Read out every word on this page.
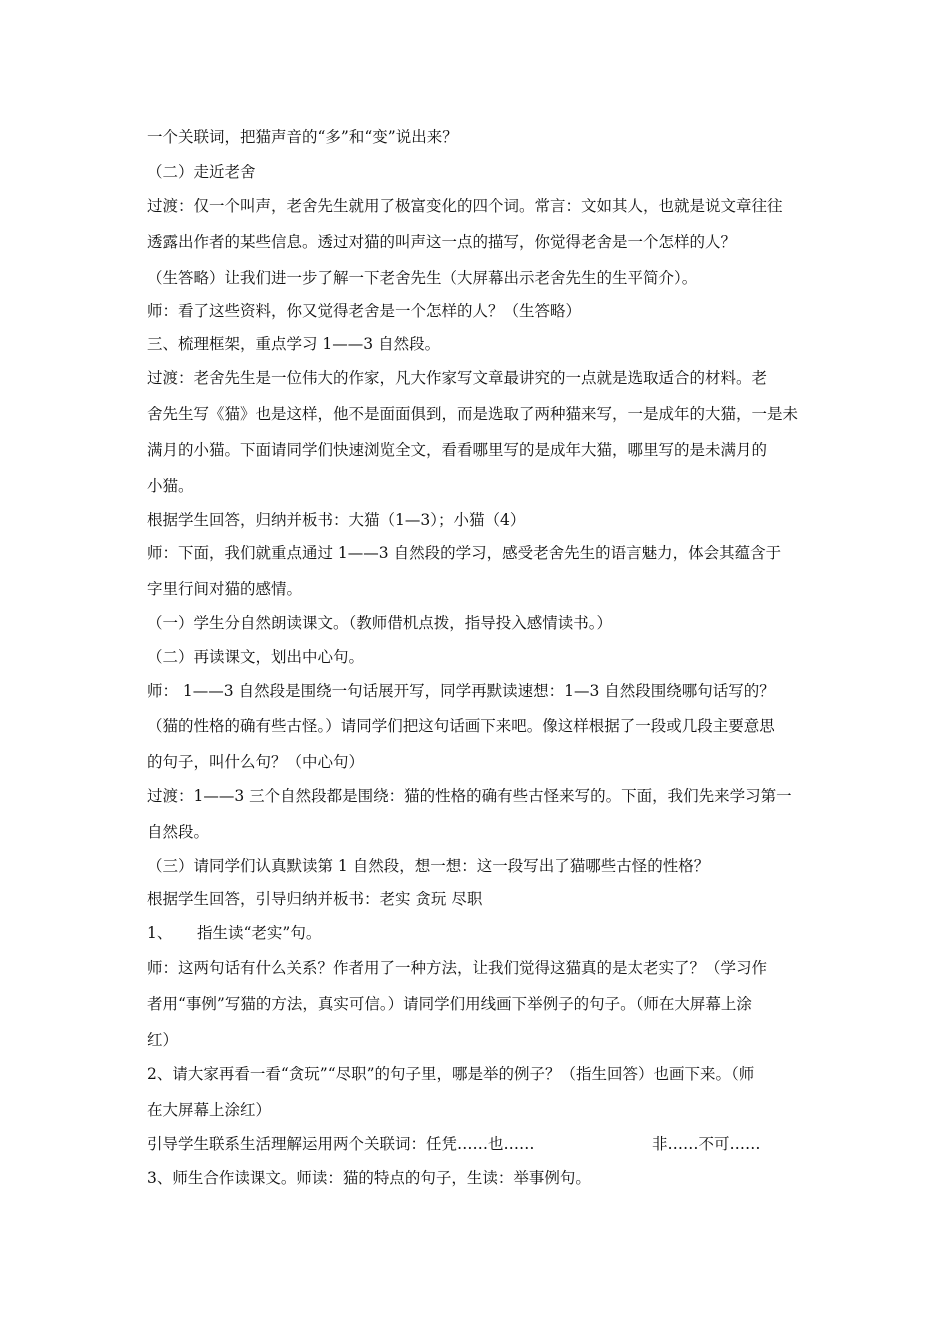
一个关联词，把猫声音的“多”和“变”说出来？
（二）走近老舍
过渡：仅一个叫声，老舍先生就用了极富变化的四个词。常言：文如其人，也就是说文章往往
透露出作者的某些信息。透过对猫的叫声这一点的描写，你觉得老舍是一个怎样的人？
（生答略）让我们进一步了解一下老舍先生（大屏幕出示老舍先生的生平简介）。
师：看了这些资料，你又觉得老舍是一个怎样的人？（生答略）
三、梳理框架，重点学习 1——3 自然段。
过渡：老舍先生是一位伟大的作家，凡大作家写文章最讲究的一点就是选取适合的材料。老
舍先生写《猫》也是这样，他不是面面俱到，而是选取了两种猫来写，一是成年的大猫，一是未
满月的小猫。下面请同学们快速浏览全文，看看哪里写的是成年大猫，哪里写的是未满月的
小猫。
根据学生回答，归纳并板书：大猫（1—3）；小猫（4）
师：下面，我们就重点通过 1——3 自然段的学习，感受老舍先生的语言魅力，体会其蕴含于
字里行间对猫的感情。
（一）学生分自然朗读课文。（教师借机点拨，指导投入感情读书。）
（二）再读课文，划出中心句。
师： 1——3 自然段是围绕一句话展开写，同学再默读速想：1—3 自然段围绕哪句话写的？
（猫的性格的确有些古怪。）请同学们把这句话画下来吧。像这样根据了一段或几段主要意思
的句子，叫什么句？（中心句）
过渡：1——3 三个自然段都是围绕：猫的性格的确有些古怪来写的。下面，我们先来学习第一
自然段。
（三）请同学们认真默读第 1 自然段，想一想：这一段写出了猫哪些古怪的性格？
根据学生回答，引导归纳并板书：老实 贪玩 尽职
1、     指生读“老实”句。
师：这两句话有什么关系？作者用了一种方法，让我们觉得这猫真的是太老实了？（学习作
者用“事例”写猫的方法，真实可信。）请同学们用线画下举例子的句子。（师在大屏幕上涂
红）
2、请大家再看一看“贪玩”“尽职”的句子里，哪是举的例子？（指生回答）也画下来。（师
在大屏幕上涂红）
引导学生联系生活理解运用两个关联词：任凭……也……	非……不可……
3、师生合作读课文。师读：猫的特点的句子，生读：举事例句。
